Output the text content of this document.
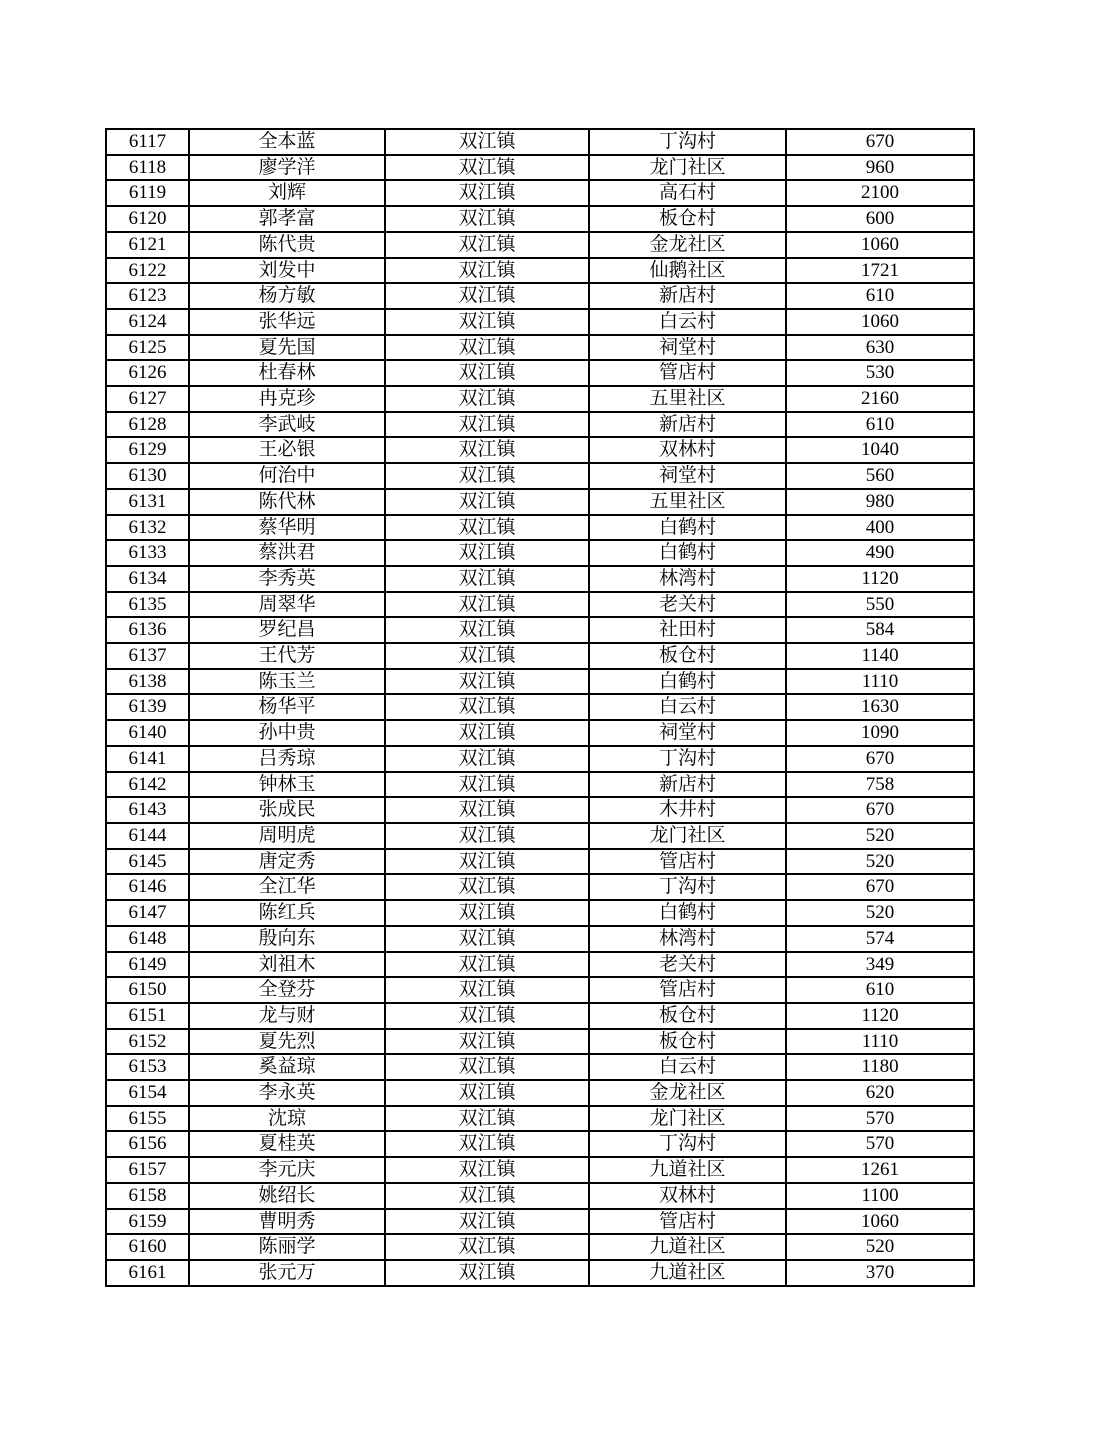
6117	全本蓝	双江镇	丁沟村	670
6118	廖学洋	双江镇	龙门社区	960
6119	刘辉	双江镇	高石村	2100
6120	郭孝富	双江镇	板仓村	600
6121	陈代贵	双江镇	金龙社区	1060
6122	刘发中	双江镇	仙鹅社区	1721
6123	杨方敏	双江镇	新店村	610
6124	张华远	双江镇	白云村	1060
6125	夏先国	双江镇	祠堂村	630
6126	杜春林	双江镇	管店村	530
6127	冉克珍	双江镇	五里社区	2160
6128	李武岐	双江镇	新店村	610
6129	王必银	双江镇	双林村	1040
6130	何治中	双江镇	祠堂村	560
6131	陈代林	双江镇	五里社区	980
6132	蔡华明	双江镇	白鹤村	400
6133	蔡洪君	双江镇	白鹤村	490
6134	李秀英	双江镇	林湾村	1120
6135	周翠华	双江镇	老关村	550
6136	罗纪昌	双江镇	社田村	584
6137	王代芳	双江镇	板仓村	1140
6138	陈玉兰	双江镇	白鹤村	1110
6139	杨华平	双江镇	白云村	1630
6140	孙中贵	双江镇	祠堂村	1090
6141	吕秀琼	双江镇	丁沟村	670
6142	钟林玉	双江镇	新店村	758
6143	张成民	双江镇	木井村	670
6144	周明虎	双江镇	龙门社区	520
6145	唐定秀	双江镇	管店村	520
6146	全江华	双江镇	丁沟村	670
6147	陈红兵	双江镇	白鹤村	520
6148	殷向东	双江镇	林湾村	574
6149	刘祖木	双江镇	老关村	349
6150	全登芬	双江镇	管店村	610
6151	龙与财	双江镇	板仓村	1120
6152	夏先烈	双江镇	板仓村	1110
6153	奚益琼	双江镇	白云村	1180
6154	李永英	双江镇	金龙社区	620
6155	沈琼	双江镇	龙门社区	570
6156	夏桂英	双江镇	丁沟村	570
6157	李元庆	双江镇	九道社区	1261
6158	姚绍长	双江镇	双林村	1100
6159	曹明秀	双江镇	管店村	1060
6160	陈丽学	双江镇	九道社区	520
6161	张元万	双江镇	九道社区	370
